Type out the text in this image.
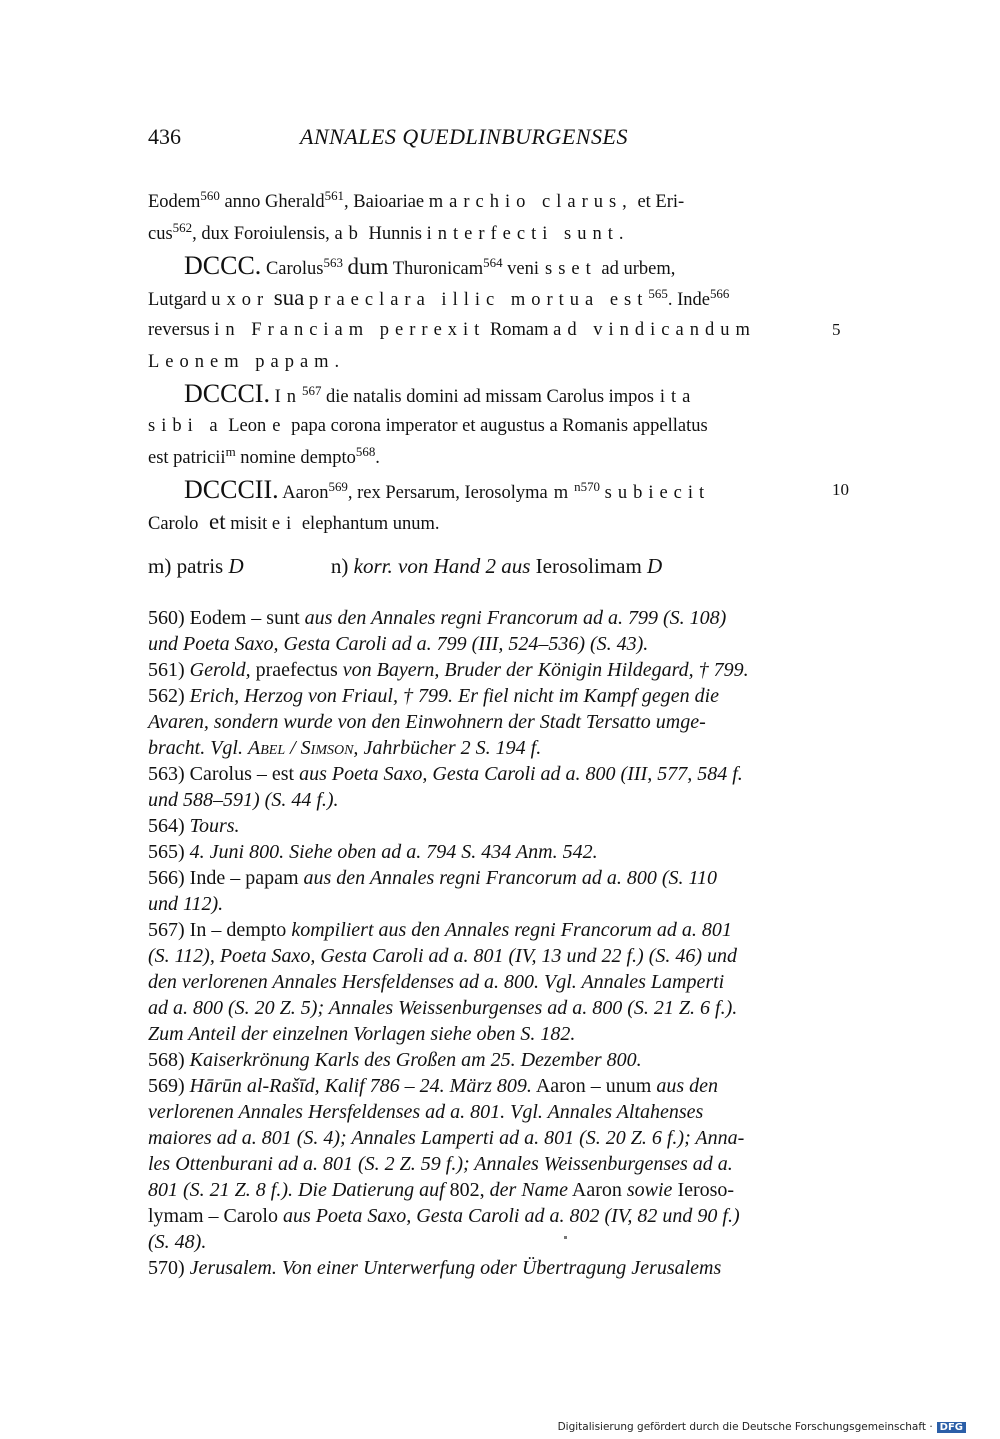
436	ANNALES QUEDLINBURGENSES
Eodem$^{560}$ anno Gherald$^{561}$, Baioariae marchio clarus, et Eri-
cus$^{562}$, dux Foroiulensis, ab Hunnis interfecti sunt.
DCCC. Carolus$^{563}$ dum Thuronicam$^{564}$ venisset ad urbem,
Lutgard uxor sua praeclara illic mortua est$^{565}$. Inde$^{566}$
reversus in Franciam perrexit Romam ad vindicandum	5
Leonem papam.
DCCCI. In$^{567}$ die natalis domini ad missam Carolus imposita
sibi a Leone papa corona imperator et augustus a Romanis appellatus
est patricii$^m$ nomine dempto$^{568}$.
DCCCII. Aaron$^{569}$, rex Persarum, Ierosolymam$^{n570}$ subiecit	10
Carolo et misit ei elephantum unum.
m) patris D	n) korr. von Hand 2 aus Ierosolimam D
560) Eodem – sunt aus den Annales regni Francorum ad a. 799 (S. 108)
und Poeta Saxo, Gesta Caroli ad a. 799 (III, 524–536) (S. 43).
561) Gerold, praefectus von Bayern, Bruder der Königin Hildegard, † 799.
562) Erich, Herzog von Friaul, † 799. Er fiel nicht im Kampf gegen die
Avaren, sondern wurde von den Einwohnern der Stadt Tersatto umge-
bracht. Vgl. Abel / Simson, Jahrbücher 2 S. 194 f.
563) Carolus – est aus Poeta Saxo, Gesta Caroli ad a. 800 (III, 577, 584 f.
und 588–591) (S. 44 f.).
564) Tours.
565) 4. Juni 800. Siehe oben ad a. 794 S. 434 Anm. 542.
566) Inde – papam aus den Annales regni Francorum ad a. 800 (S. 110
und 112).
567) In – dempto kompiliert aus den Annales regni Francorum ad a. 801
(S. 112), Poeta Saxo, Gesta Caroli ad a. 801 (IV, 13 und 22 f.) (S. 46) und
den verlorenen Annales Hersfeldenses ad a. 800. Vgl. Annales Lamperti
ad a. 800 (S. 20 Z. 5); Annales Weissenburgenses ad a. 800 (S. 21 Z. 6 f.).
Zum Anteil der einzelnen Vorlagen siehe oben S. 182.
568) Kaiserkrönung Karls des Großen am 25. Dezember 800.
569) Hārūn al-Rašīd, Kalif 786 – 24. März 809. Aaron – unum aus den
verlorenen Annales Hersfeldenses ad a. 801. Vgl. Annales Altahenses
maiores ad a. 801 (S. 4); Annales Lamperti ad a. 801 (S. 20 Z. 6 f.); Anna-
les Ottenburani ad a. 801 (S. 2 Z. 59 f.); Annales Weissenburgenses ad a.
801 (S. 21 Z. 8 f.). Die Datierung auf 802, der Name Aaron sowie Ieroso-
lymam – Carolo aus Poeta Saxo, Gesta Caroli ad a. 802 (IV, 82 und 90 f.)
(S. 48).
570) Jerusalem. Von einer Unterwerfung oder Übertragung Jerusalems
Digitalisierung gefördert durch die Deutsche Forschungsgemeinschaft · DFG
